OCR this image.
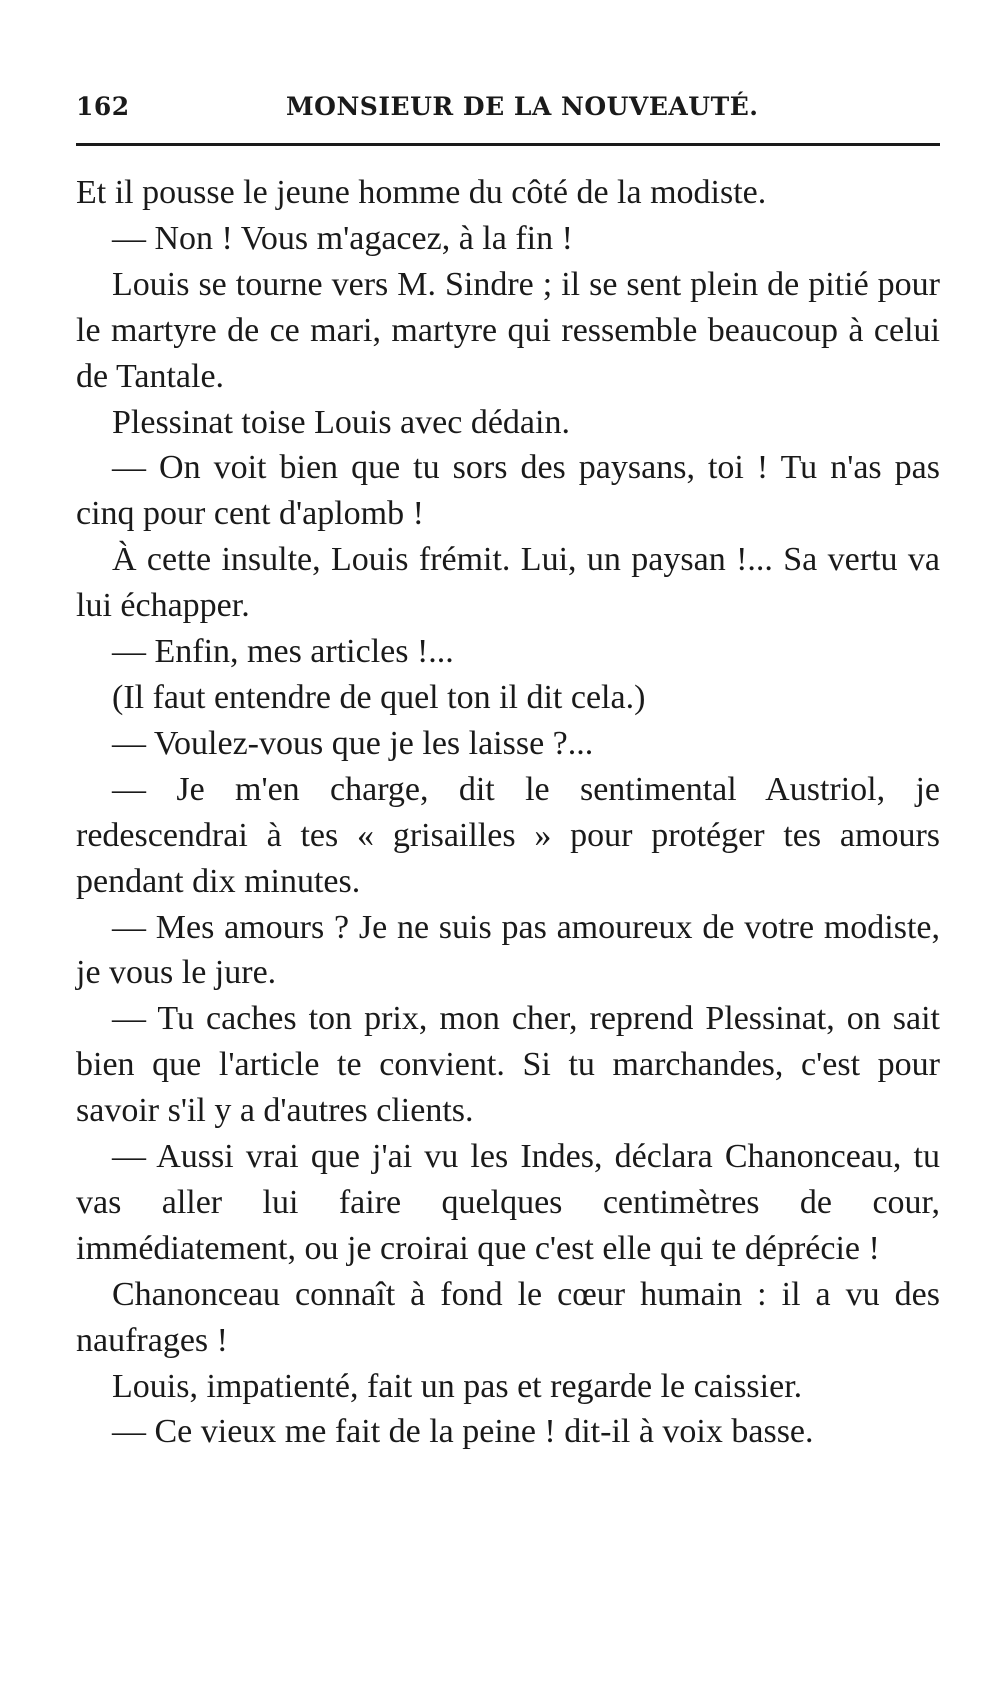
162	MONSIEUR DE LA NOUVEAUTÉ.

Et il pousse le jeune homme du côté de la modiste.

— Non ! Vous m'agacez, à la fin !

Louis se tourne vers M. Sindre ; il se sent plein de pitié pour le martyre de ce mari, martyre qui ressemble beaucoup à celui de Tantale.

Plessinat toise Louis avec dédain.

— On voit bien que tu sors des paysans, toi ! Tu n'as pas cinq pour cent d'aplomb !

À cette insulte, Louis frémit. Lui, un paysan !... Sa vertu va lui échapper.

— Enfin, mes articles !...

(Il faut entendre de quel ton il dit cela.)

— Voulez-vous que je les laisse ?...

— Je m'en charge, dit le sentimental Austriol, je redescendrai à tes « grisailles » pour protéger tes amours pendant dix minutes.

— Mes amours ? Je ne suis pas amoureux de votre modiste, je vous le jure.

— Tu caches ton prix, mon cher, reprend Plessinat, on sait bien que l'article te convient. Si tu marchandes, c'est pour savoir s'il y a d'autres clients.

— Aussi vrai que j'ai vu les Indes, déclara Chanonceau, tu vas aller lui faire quelques centimètres de cour, immédiatement, ou je croirai que c'est elle qui te déprécie !

Chanonceau connaît à fond le cœur humain : il a vu des naufrages !

Louis, impatienté, fait un pas et regarde le caissier.

— Ce vieux me fait de la peine ! dit-il à voix basse.
